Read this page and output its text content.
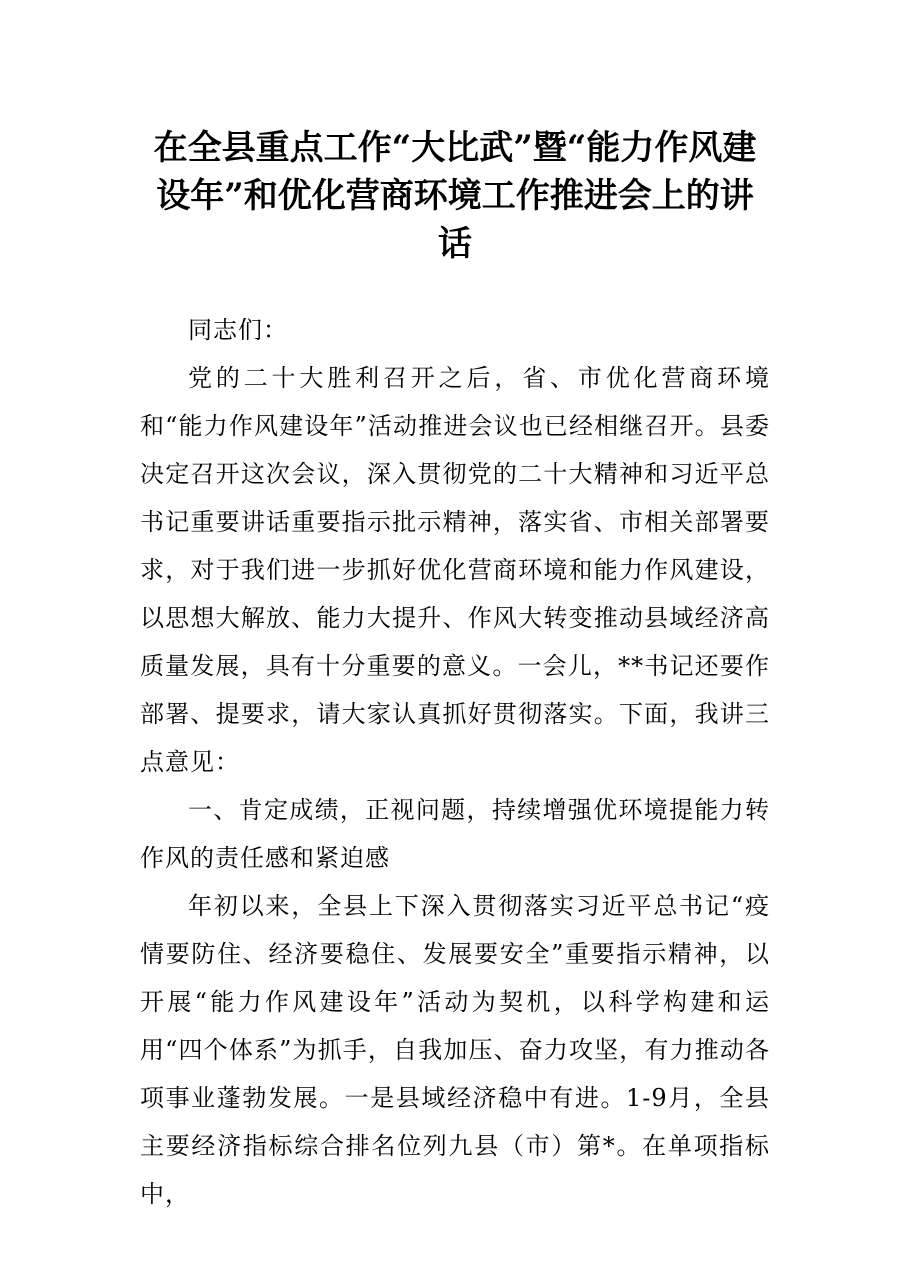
在全县重点工作“大比武”暨“能力作风建设年”和优化营商环境工作推进会上的讲话

同志们：

党的二十大胜利召开之后，省、市优化营商环境和“能力作风建设年”活动推进会议也已经相继召开。县委决定召开这次会议，深入贯彻党的二十大精神和习近平总书记重要讲话重要指示批示精神，落实省、市相关部署要求，对于我们进一步抓好优化营商环境和能力作风建设，以思想大解放、能力大提升、作风大转变推动县域经济高质量发展，具有十分重要的意义。一会儿，**书记还要作部署、提要求，请大家认真抓好贯彻落实。下面，我讲三点意见：

一、肯定成绩，正视问题，持续增强优环境提能力转作风的责任感和紧迫感

年初以来，全县上下深入贯彻落实习近平总书记“疫情要防住、经济要稳住、发展要安全”重要指示精神，以开展“能力作风建设年”活动为契机，以科学构建和运用“四个体系”为抓手，自我加压、奋力攻坚，有力推动各项事业蓬勃发展。一是县域经济稳中有进。1-9月，全县主要经济指标综合排名位列九县（市）第*。在单项指标中，
